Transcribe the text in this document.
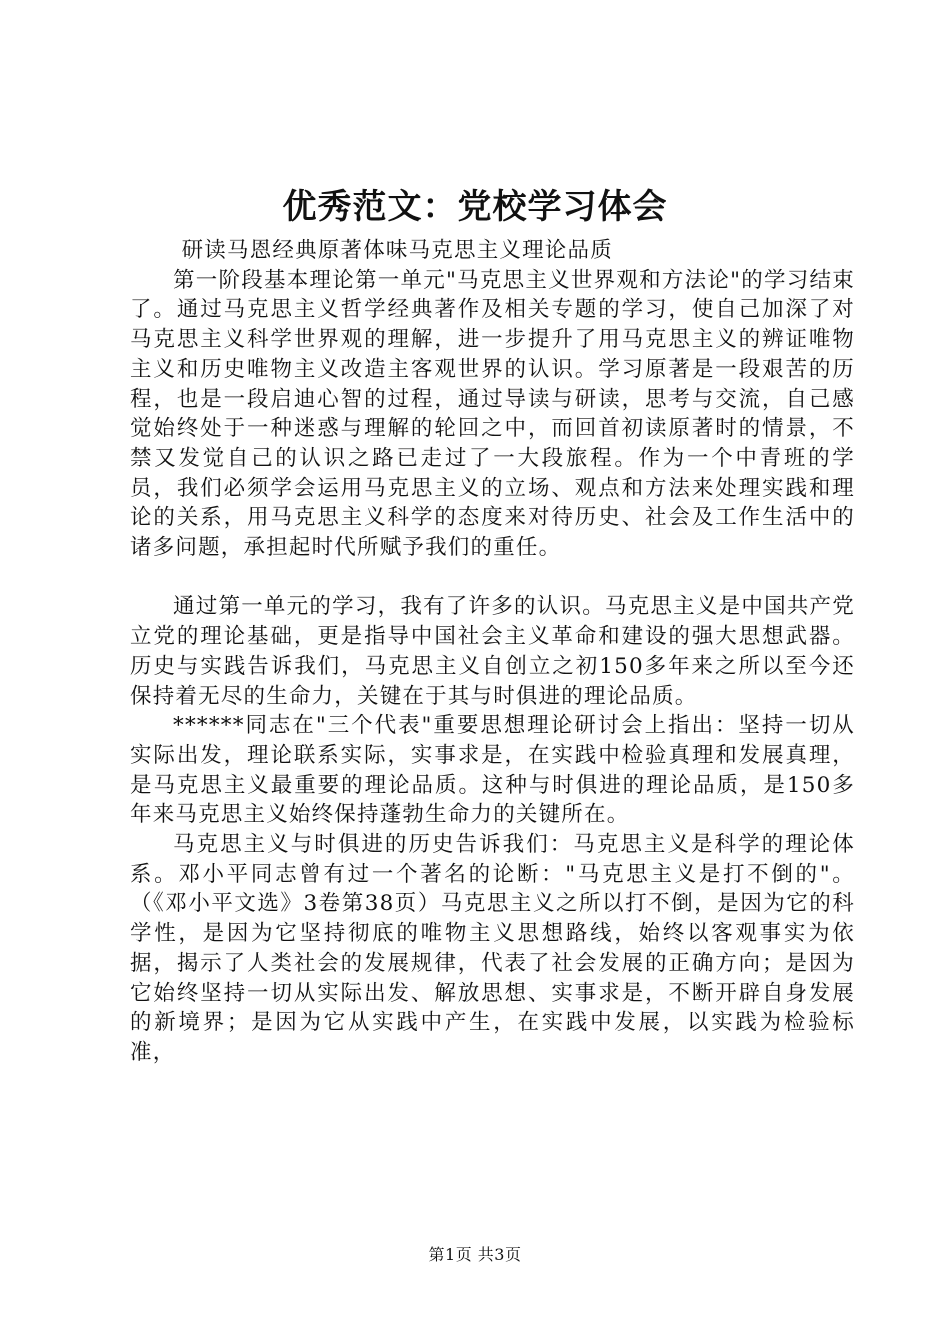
优秀范文：党校学习体会

研读马恩经典原著体味马克思主义理论品质

第一阶段基本理论第一单元"马克思主义世界观和方法论"的学习结束了。通过马克思主义哲学经典著作及相关专题的学习，使自己加深了对马克思主义科学世界观的理解，进一步提升了用马克思主义的辨证唯物主义和历史唯物主义改造主客观世界的认识。学习原著是一段艰苦的历程，也是一段启迪心智的过程，通过导读与研读，思考与交流，自己感觉始终处于一种迷惑与理解的轮回之中，而回首初读原著时的情景，不禁又发觉自己的认识之路已走过了一大段旅程。作为一个中青班的学员，我们必须学会运用马克思主义的立场、观点和方法来处理实践和理论的关系，用马克思主义科学的态度来对待历史、社会及工作生活中的诸多问题，承担起时代所赋予我们的重任。

通过第一单元的学习，我有了许多的认识。马克思主义是中国共产党立党的理论基础，更是指导中国社会主义革命和建设的强大思想武器。历史与实践告诉我们，马克思主义自创立之初150多年来之所以至今还保持着无尽的生命力，关键在于其与时俱进的理论品质。

******同志在"三个代表"重要思想理论研讨会上指出：坚持一切从实际出发，理论联系实际，实事求是，在实践中检验真理和发展真理，是马克思主义最重要的理论品质。这种与时俱进的理论品质，是150多年来马克思主义始终保持蓬勃生命力的关键所在。

马克思主义与时俱进的历史告诉我们：马克思主义是科学的理论体系。邓小平同志曾有过一个著名的论断："马克思主义是打不倒的"。（《邓小平文选》3卷第38页）马克思主义之所以打不倒，是因为它的科学性，是因为它坚持彻底的唯物主义思想路线，始终以客观事实为依据，揭示了人类社会的发展规律，代表了社会发展的正确方向；是因为它始终坚持一切从实际出发、解放思想、实事求是，不断开辟自身发展的新境界；是因为它从实践中产生，在实践中发展，以实践为检验标准，

第1页 共3页
